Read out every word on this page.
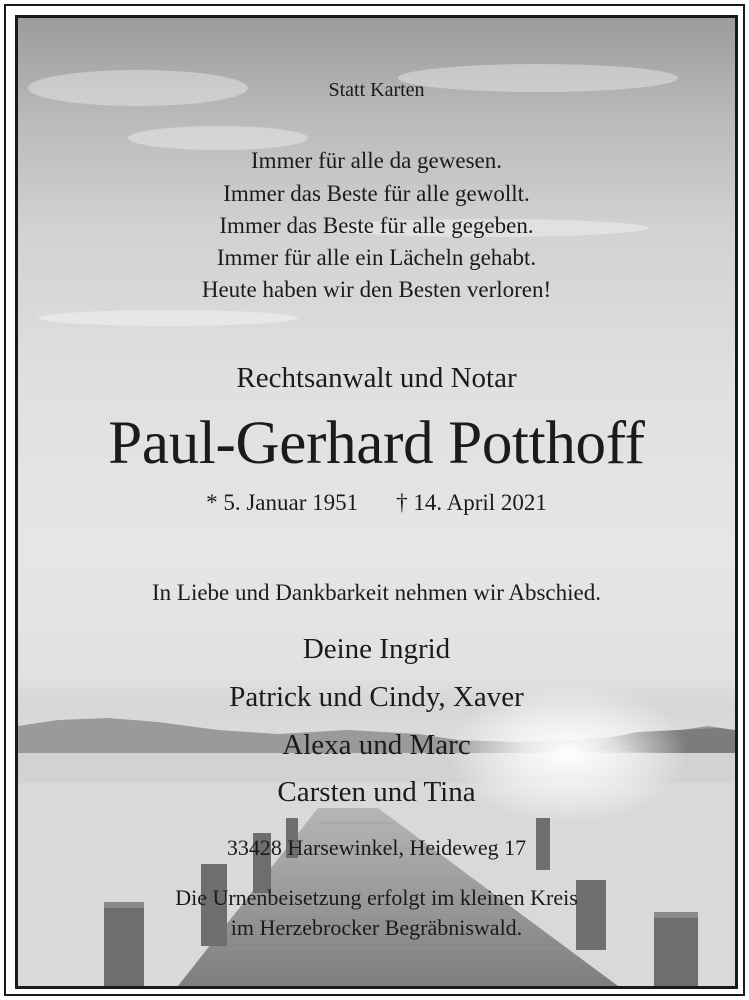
Statt Karten
Immer für alle da gewesen.
Immer das Beste für alle gewollt.
Immer das Beste für alle gegeben.
Immer für alle ein Lächeln gehabt.
Heute haben wir den Besten verloren!
Rechtsanwalt und Notar
Paul-Gerhard Potthoff
* 5. Januar 1951 † 14. April 2021
In Liebe und Dankbarkeit nehmen wir Abschied.
Deine Ingrid
Patrick und Cindy, Xaver
Alexa und Marc
Carsten und Tina
33428 Harsewinkel, Heideweg 17
Die Urnenbeisetzung erfolgt im kleinen Kreis
im Herzebrocker Begräbniswald.
